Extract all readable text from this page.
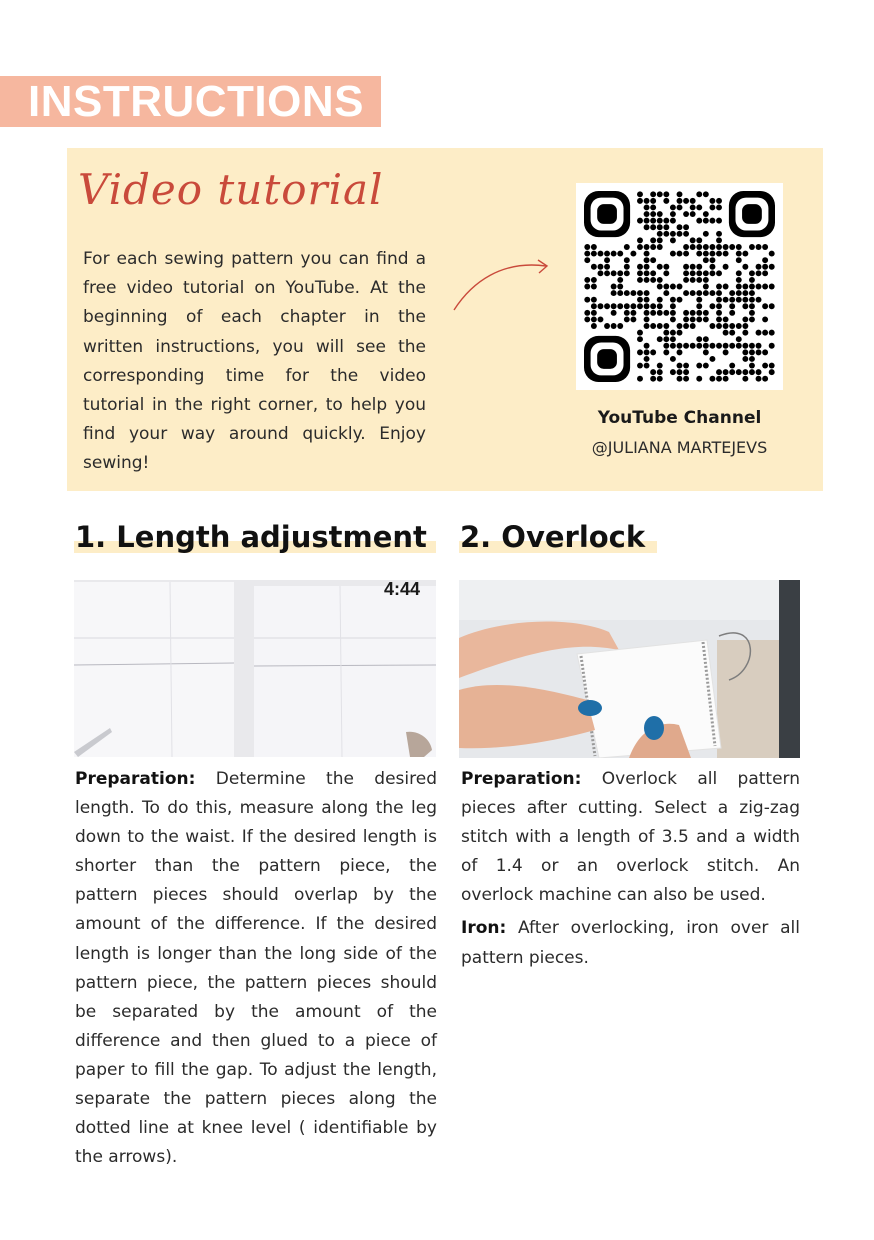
INSTRUCTIONS
Video tutorial
For each sewing pattern you can find a free video tutorial on YouTube. At the beginning of each chapter in the written instructions, you will see the corresponding time for the video tutorial in the right corner, to help you find your way around quickly. Enjoy sewing!
YouTube Channel
@JULIANA MARTEJEVS
1. Length adjustment 2. Overlock
4:44
Preparation: Determine the desired length. To do this, measure along the leg down to the waist. If the desired length is shorter than the pattern piece, the pattern pieces should overlap by the amount of the difference. If the desired length is longer than the long side of the pattern piece, the pattern pieces should be separated by the amount of the difference and then glued to a piece of paper to fill the gap. To adjust the length, separate the pattern pieces along the dotted line at knee level ( identifiable by the arrows).
Preparation: Overlock all pattern pieces after cutting. Select a zig-zag stitch with a length of 3.5 and a width of 1.4 or an overlock stitch. An overlock machine can also be used.
Iron: After overlocking, iron over all pattern pieces.
